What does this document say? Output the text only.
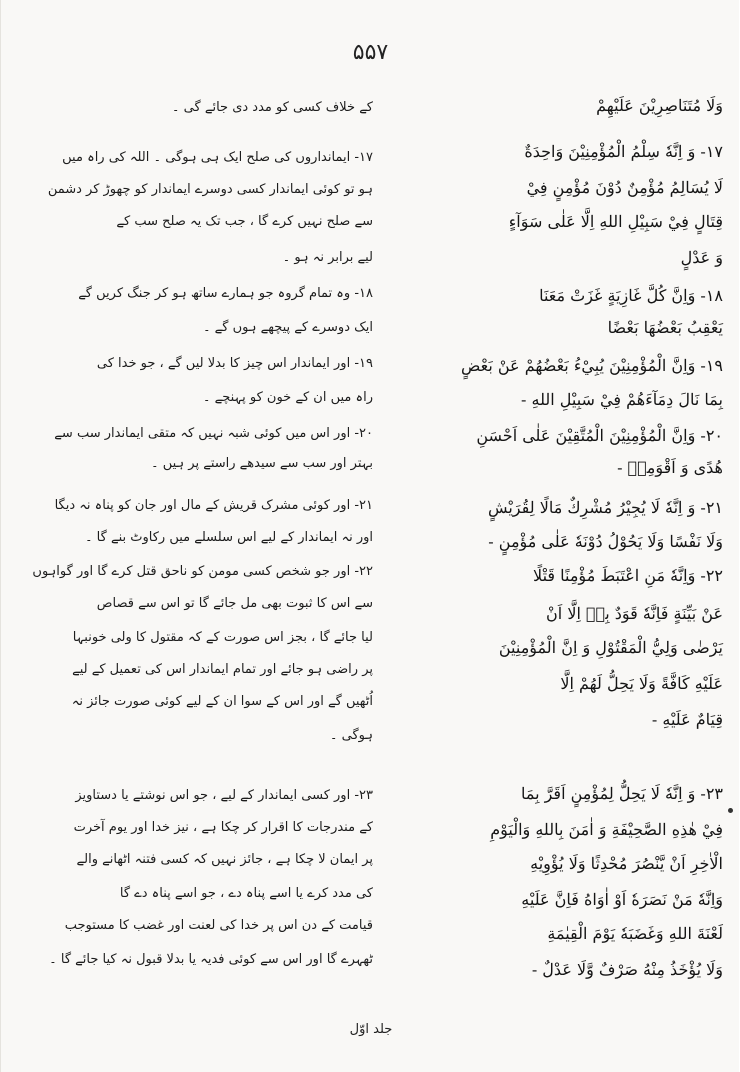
۵۵۷
وَلَا مُتَنَاصِرِيْنَ عَلَيْهِمْ
١٧- وَ اِنَّهٗ سِلْمُ الْمُؤْمِنِيْنَ وَاحِدَةٌ
لَا يُسَالِمُ مُؤْمِنٌ دُوْنَ مُؤْمِنٍ فِيْ
قِتَالٍ فِيْ سَبِيْلِ اللهِ اِلَّا عَلٰى سَوَآءٍ
وَ عَدْلٍ
١٨- وَاِنَّ كُلَّ غَازِيَةٍ غَزَتْ مَعَنَا
يَعْقِبُ بَعْضُهَا بَعْضًا
١٩- وَاِنَّ الْمُؤْمِنِيْنَ يُبِيْءُ بَعْضُهُمْ عَنْ بَعْضٍ
بِمَا نَالَ دِمَآءَهُمْ فِيْ سَبِيْلِ اللهِ -
٢٠- وَاِنَّ الْمُؤْمِنِيْنَ الْمُتَّقِيْنَ عَلٰى اَحْسَنِ
هُدًى وَ اَقْوَمِهٖ -
٢١- وَ اِنَّهٗ لَا يُجِيْرُ مُشْرِكٌ مَالًا لِقُرَيْشٍ
وَلَا نَفْسًا وَلَا يَحُوْلُ دُوْنَهٗ عَلٰى مُؤْمِنٍ -
٢٢- وَاِنَّهٗ مَنِ اعْتَبَطَ مُؤْمِنًا قَتْلًا
عَنْ بَيِّنَةٍ فَاِنَّهٗ قَوَدٌ بِهٖ اِلَّا اَنْ
يَرْضٰى وَلِيُّ الْمَقْتُوْلِ وَ اِنَّ الْمُؤْمِنِيْنَ
عَلَيْهِ كَافَّةً وَلَا يَحِلُّ لَهُمْ اِلَّا
قِيَامٌ عَلَيْهِ -
٢٣- وَ اِنَّهٗ لَا يَحِلُّ لِمُؤْمِنٍ اَقَرَّ بِمَا
فِيْ هٰذِهِ الصَّحِيْفَةِ وَ اٰمَنَ بِاللهِ وَالْيَوْمِ
الْاٰخِرِ اَنْ يَّنْصُرَ مُحْدِثًا وَلَا يُؤْوِيْهِ
وَاِنَّهٗ مَنْ نَصَرَهٗ اَوْ اٰوَاهُ فَاِنَّ عَلَيْهِ
لَعْنَةَ اللهِ وَغَضَبَهٗ يَوْمَ الْقِيٰمَةِ
وَلَا يُؤْخَذُ مِنْهُ صَرْفٌ وَّلَا عَدْلٌ -
کے خلاف کسی کو مدد دی جائے گی ۔
١٧- ایمانداروں کی صلح ایک ہی ہوگی ۔ اللہ کی راہ میں
ہو تو کوئی ایماندار کسی دوسرے ایماندار کو چھوڑ کر دشمن
سے صلح نہیں کرے گا ، جب تک یہ صلح سب کے
لیے برابر نہ ہو ۔
١٨- وہ تمام گروہ جو ہمارے ساتھ ہو کر جنگ کریں گے
ایک دوسرے کے پیچھے ہوں گے ۔
١٩- اور ایماندار اس چیز کا بدلا لیں گے ، جو خدا کی
راہ میں ان کے خون کو پہنچے ۔
٢٠- اور اس میں کوئی شبہ نہیں کہ متقی ایماندار سب سے
بہتر اور سب سے سیدھے راستے پر ہیں ۔
٢١- اور کوئی مشرک قریش کے مال اور جان کو پناہ نہ دیگا
اور نہ ایماندار کے لیے اس سلسلے میں رکاوٹ بنے گا ۔
٢٢- اور جو شخص کسی مومن کو ناحق قتل کرے گا اور گواہوں
سے اس کا ثبوت بھی مل جائے گا تو اس سے قصاص
لیا جائے گا ، بجز اس صورت کے کہ مقتول کا ولی خونبہا
پر راضی ہو جائے اور تمام ایماندار اس کی تعمیل کے لیے
اُٹھیں گے اور اس کے سوا ان کے لیے کوئی صورت جائز نہ
ہوگی ۔
٢٣- اور کسی ایماندار کے لیے ، جو اس نوشتے یا دستاویز
کے مندرجات کا اقرار کر چکا ہے ، نیز خدا اور یوم آخرت
پر ایمان لا چکا ہے ، جائز نہیں کہ کسی فتنہ اٹھانے والے
کی مدد کرے یا اسے پناہ دے ، جو اسے پناہ دے گا
قیامت کے دن اس پر خدا کی لعنت اور غضب کا مستوجب
ٹھہرے گا اور اس سے کوئی فدیہ یا بدلا قبول نہ کیا جائے گا ۔
جلد اوّل
